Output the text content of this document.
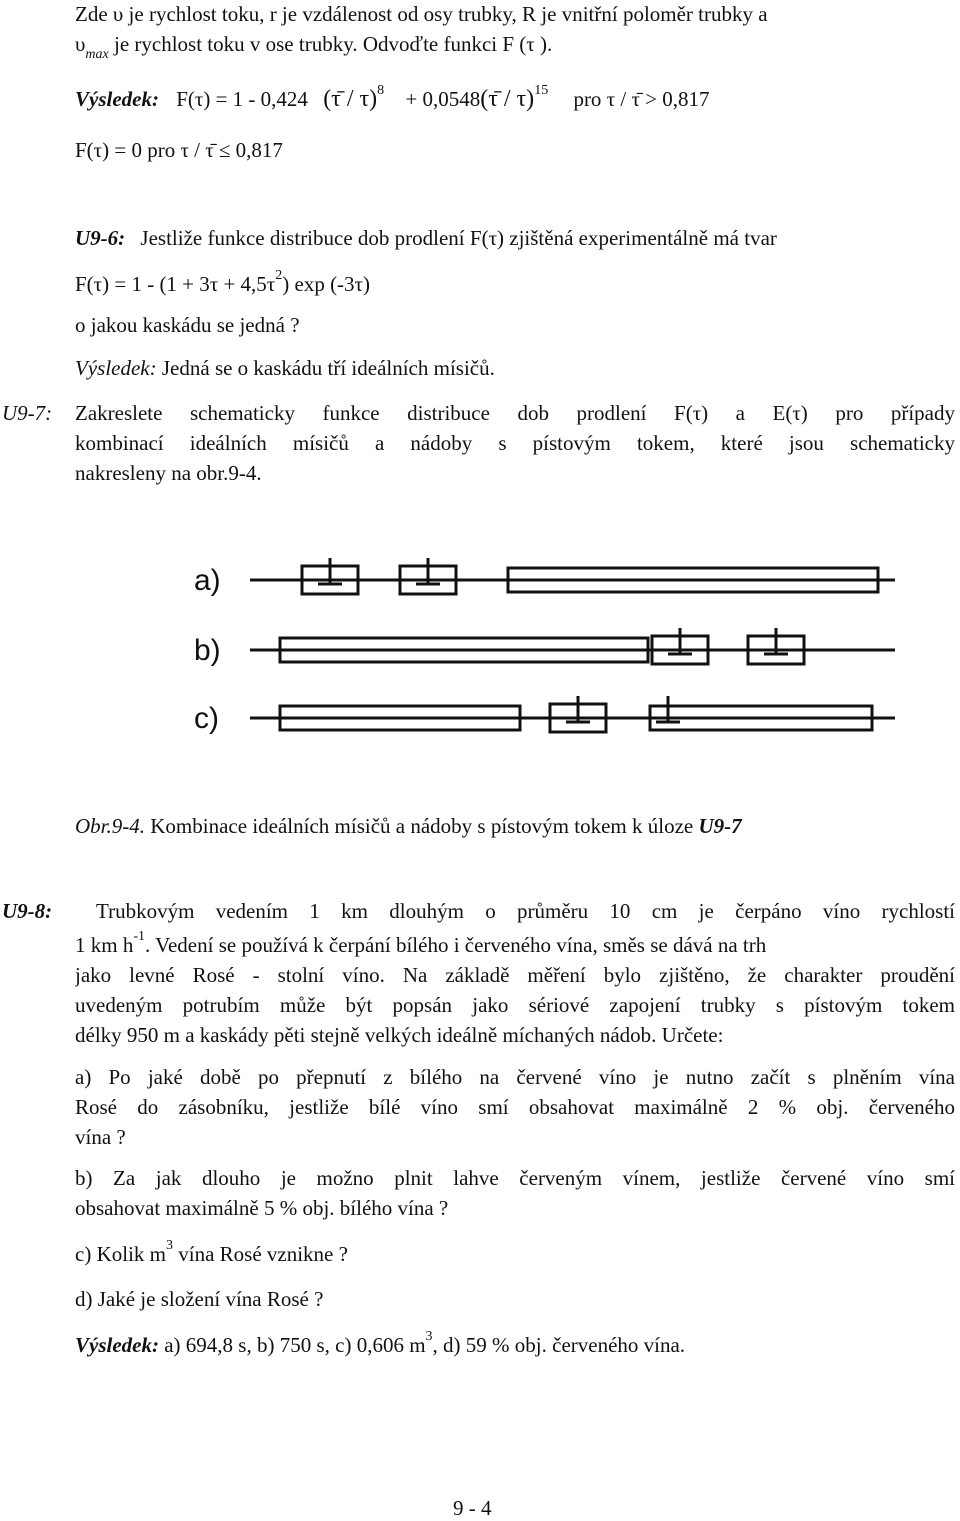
Zde υ je rychlost toku, r je vzdálenost od osy trubky, R je vnitřní poloměr trubky a
$\upsilon_{max}$ je rychlost toku v ose trubky. Odvoďte funkci F (τ ).
Výsledek: F(τ) = 1 - 0,424 (τ̄ / τ)$^8$ + 0,0548(τ̄ / τ)$^{15}$ pro τ / τ̄ > 0,817
F(τ) = 0 pro τ / τ̄ ≤ 0,817
U9-6: Jestliže funkce distribuce dob prodlení F(τ) zjištěná experimentálně má tvar
$F(\tau) = 1 - (1 + 3\tau + 4,5\tau^2)$ exp (-3τ)
o jakou kaskádu se jedná ?
Výsledek: Jedná se o kaskádu tří ideálních mísičů.
U9-7: Zakreslete schematicky funkce distribuce dob prodlení F(τ) a E(τ) pro případy
kombinací ideálních mísičů a nádoby s pístovým tokem, které jsou schematicky
nakresleny na obr.9-4.
a)
b)
c)
Obr.9-4. Kombinace ideálních mísičů a nádoby s pístovým tokem k úloze U9-7
U9-8: Trubkovým vedením 1 km dlouhým o průměru 10 cm je čerpáno víno rychlostí
1 km $h^{-1}$. Vedení se používá k čerpání bílého i červeného vína, směs se dává na trh
jako levné Rosé - stolní víno. Na základě měření bylo zjištěno, že charakter proudění
uvedeným potrubím může být popsán jako sériové zapojení trubky s pístovým tokem
délky 950 m a kaskády pěti stejně velkých ideálně míchaných nádob. Určete:
a) Po jaké době po přepnutí z bílého na červené víno je nutno začít s plněním vína
Rosé do zásobníku, jestliže bílé víno smí obsahovat maximálně 2 % obj. červeného
vína ?
b) Za jak dlouho je možno plnit lahve červeným vínem, jestliže červené víno smí
obsahovat maximálně 5 % obj. bílého vína ?
c) Kolik $m^3$ vína Rosé vznikne ?
d) Jaké je složení vína Rosé ?
Výsledek: a) 694,8 s, b) 750 s, c) 0,606 $m^3$, d) 59 % obj. červeného vína.
9 - 4
